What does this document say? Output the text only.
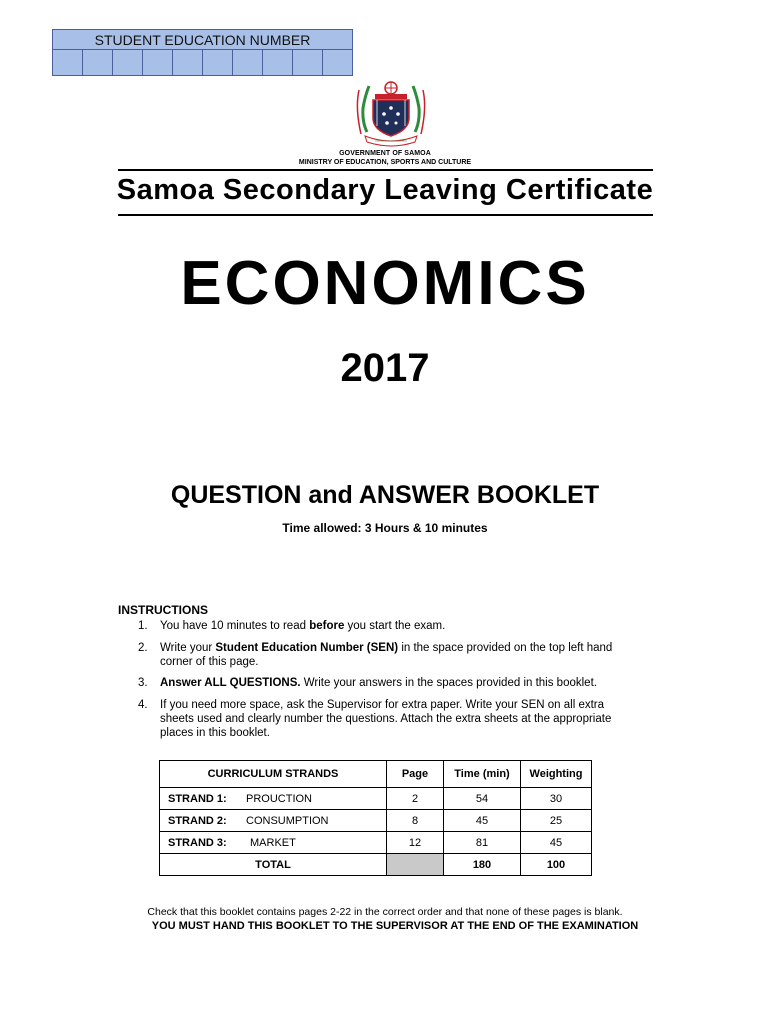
STUDENT EDUCATION NUMBER
GOVERNMENT OF SAMOA
MINISTRY OF EDUCATION, SPORTS AND CULTURE
Samoa Secondary Leaving Certificate
ECONOMICS
2017
QUESTION and ANSWER BOOKLET
Time allowed: 3 Hours & 10 minutes
INSTRUCTIONS
1.	You have 10 minutes to read before you start the exam.
2.	Write your Student Education Number (SEN) in the space provided on the top left hand corner of this page.
3.	Answer ALL QUESTIONS. Write your answers in the spaces provided in this booklet.
4.	If you need more space, ask the Supervisor for extra paper. Write your SEN on all extra sheets used and clearly number the questions. Attach the extra sheets at the appropriate places in this booklet.
CURRICULUM STRANDS		Page	Time (min)	Weighting
STRAND 1:	PROUCTION	2	54	30
STRAND 2:	CONSUMPTION	8	45	25
STRAND 3:	MARKET	12	81	45
TOTAL			180	100
Check that this booklet contains pages 2-22 in the correct order and that none of these pages is blank.
YOU MUST HAND THIS BOOKLET TO THE SUPERVISOR AT THE END OF THE EXAMINATION
